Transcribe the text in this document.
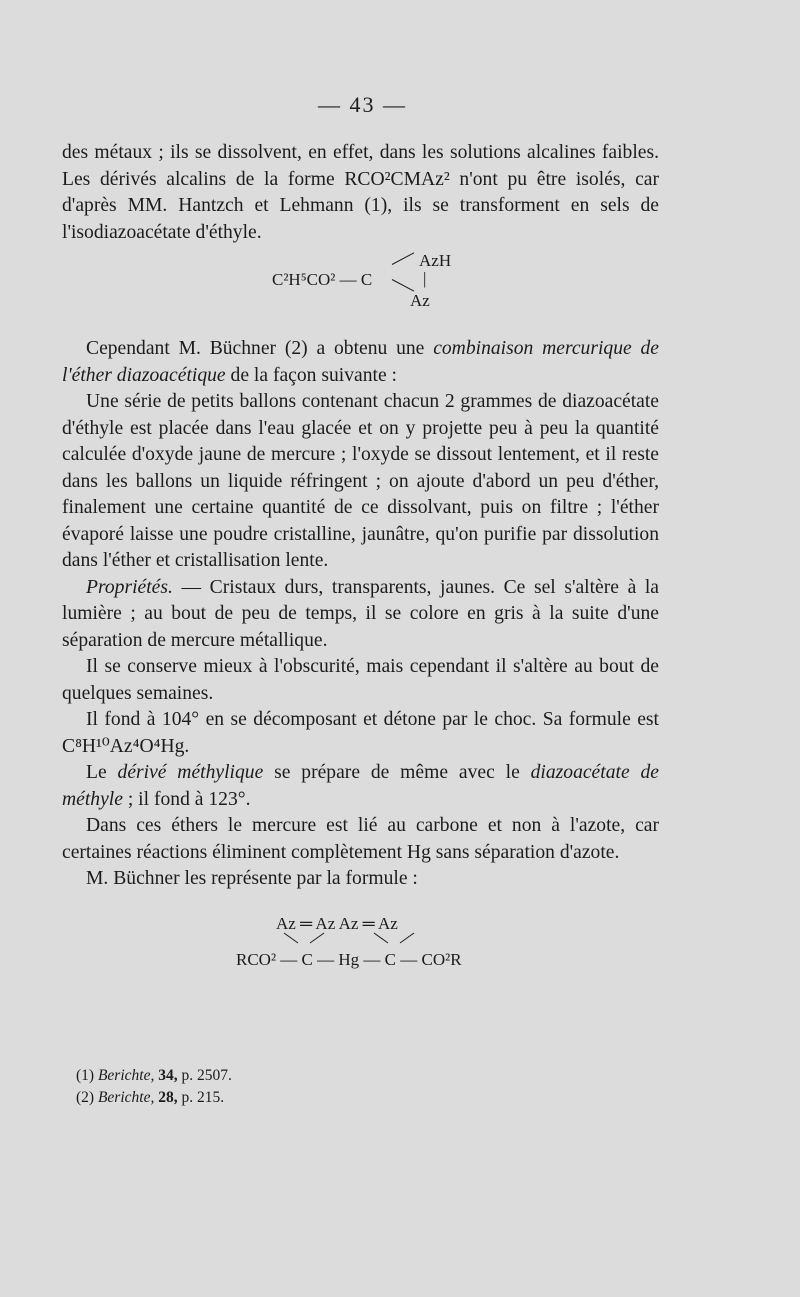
— 43 —

des métaux ; ils se dissolvent, en effet, dans les solutions alcalines faibles. Les dérivés alcalins de la forme RCO²CMAz² n'ont pu être isolés, car d'après MM. Hantzch et Lehmann (1), ils se transforment en sels de l'isodiazoacétate d'éthyle.

C²H⁵CO² — C
AzH
|
Az

Cependant M. Büchner (2) a obtenu une combinaison mercurique de l'éther diazoacétique de la façon suivante :

Une série de petits ballons contenant chacun 2 grammes de diazoacétate d'éthyle est placée dans l'eau glacée et on y projette peu à peu la quantité calculée d'oxyde jaune de mercure ; l'oxyde se dissout lentement, et il reste dans les ballons un liquide réfringent ; on ajoute d'abord un peu d'éther, finalement une certaine quantité de ce dissolvant, puis on filtre ; l'éther évaporé laisse une poudre cristalline, jaunâtre, qu'on purifie par dissolution dans l'éther et cristallisation lente.

Propriétés. — Cristaux durs, transparents, jaunes. Ce sel s'altère à la lumière ; au bout de peu de temps, il se colore en gris à la suite d'une séparation de mercure métallique.

Il se conserve mieux à l'obscurité, mais cependant il s'altère au bout de quelques semaines.

Il fond à 104° en se décomposant et détone par le choc. Sa formule est C⁸H¹⁰Az⁴O⁴Hg.

Le dérivé méthylique se prépare de même avec le diazoacétate de méthyle ; il fond à 123°.

Dans ces éthers le mercure est lié au carbone et non à l'azote, car certaines réactions éliminent complètement Hg sans séparation d'azote.

M. Büchner les représente par la formule :

Az ═ Az Az ═ Az
RCO² — C — Hg — C — CO²R

(1) Berichte, 34, p. 2507.

(2) Berichte, 28, p. 215.
